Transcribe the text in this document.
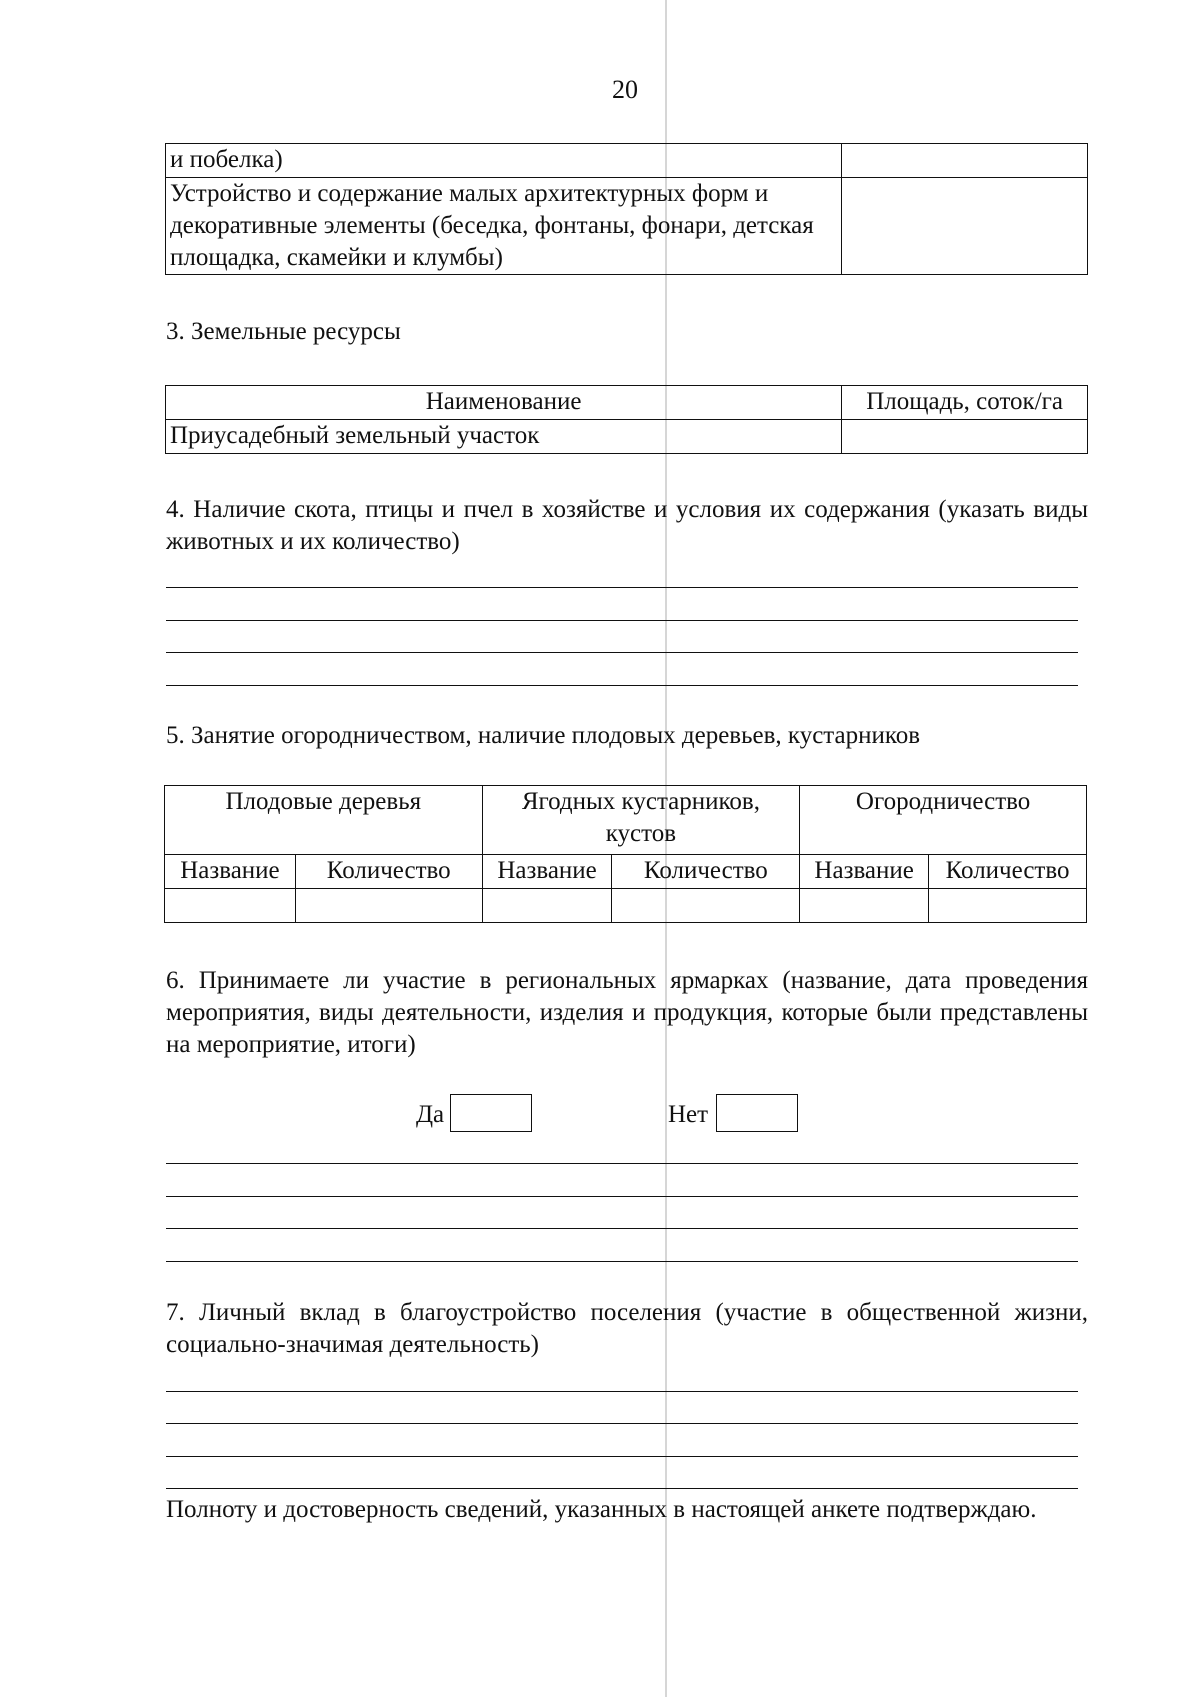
20
и побелка)	
Устройство и содержание малых архитектурных форм и декоративные элементы (беседка, фонтаны, фонари, детская площадка, скамейки и клумбы)	
3. Земельные ресурсы
Наименование	Площадь, соток/га
Приусадебный земельный участок	
4. Наличие скота, птицы и пчел в хозяйстве и условия их содержания (указать виды животных и их количество)
5. Занятие огородничеством, наличие плодовых деревьев, кустарников
Плодовые деревья		Ягодных кустарников, кустов		Огородничество	
Название	Количество	Название	Количество	Название	Количество

6. Принимаете ли участие в региональных ярмарках (название, дата проведения мероприятия, виды деятельности, изделия и продукция, которые были представлены на мероприятие, итоги)
Да	Нет
7. Личный вклад в благоустройство поселения (участие в общественной жизни, социально-значимая деятельность)
Полноту и достоверность сведений, указанных в настоящей анкете подтверждаю.
